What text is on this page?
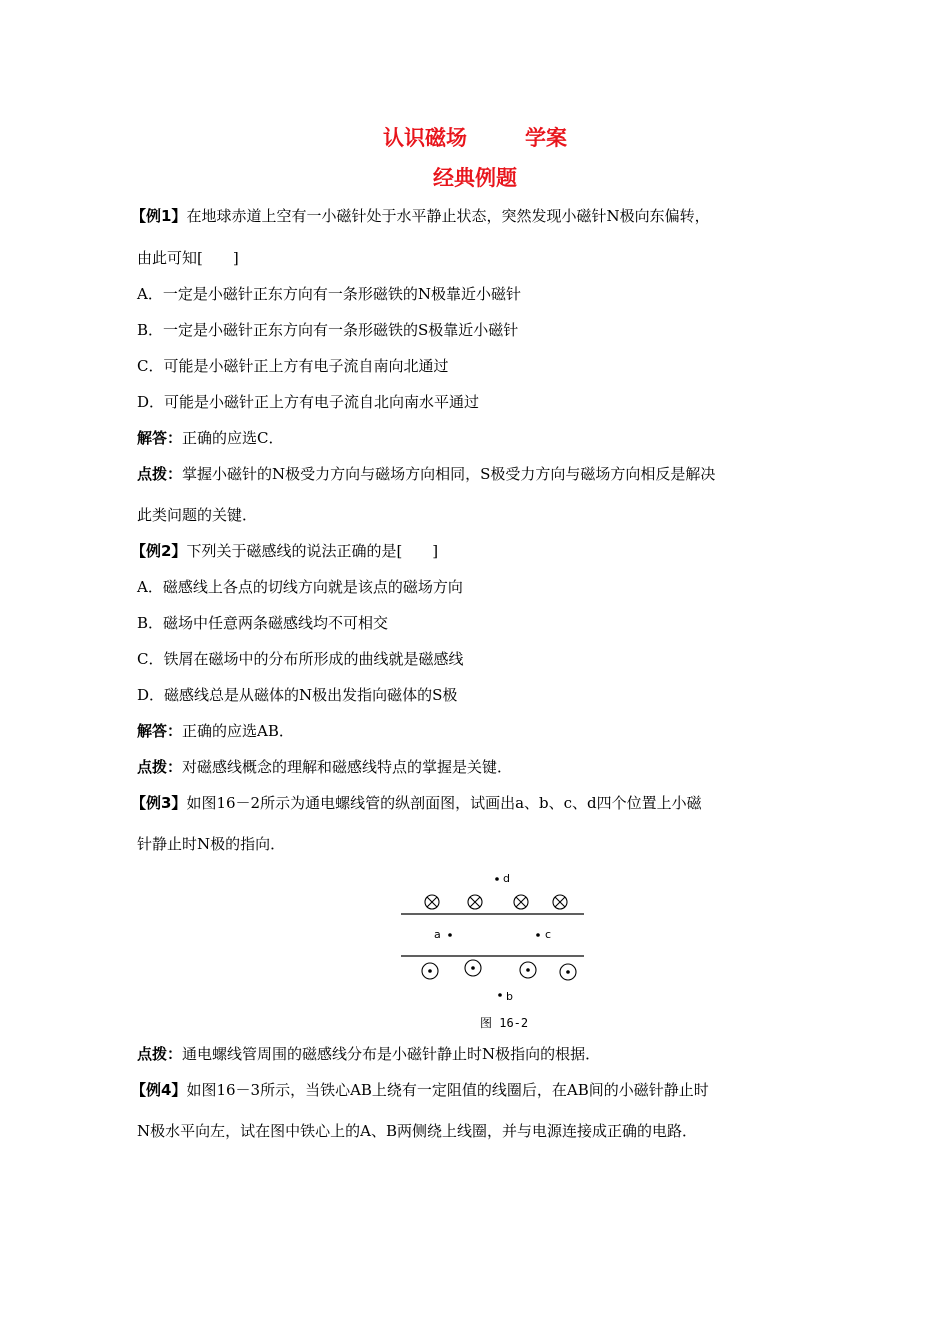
认识磁场	学案
经典例题
【例1】在地球赤道上空有一小磁针处于水平静止状态，突然发现小磁针N极向东偏转，
由此可知[　　]
A．一定是小磁针正东方向有一条形磁铁的N极靠近小磁针
B．一定是小磁针正东方向有一条形磁铁的S极靠近小磁针
C．可能是小磁针正上方有电子流自南向北通过
D．可能是小磁针正上方有电子流自北向南水平通过
解答：正确的应选C．
点拨：掌握小磁针的N极受力方向与磁场方向相同，S极受力方向与磁场方向相反是解决
此类问题的关键．
【例2】下列关于磁感线的说法正确的是[　　]
A．磁感线上各点的切线方向就是该点的磁场方向
B．磁场中任意两条磁感线均不可相交
C．铁屑在磁场中的分布所形成的曲线就是磁感线
D．磁感线总是从磁体的N极出发指向磁体的S极
解答：正确的应选AB．
点拨：对磁感线概念的理解和磁感线特点的掌握是关键．
【例3】如图16－2所示为通电螺线管的纵剖面图，试画出a、b、c、d四个位置上小磁
针静止时N极的指向．
d
a	c
b
图 16-2
点拨：通电螺线管周围的磁感线分布是小磁针静止时N极指向的根据．
【例4】如图16－3所示，当铁心AB上绕有一定阻值的线圈后，在AB间的小磁针静止时
N极水平向左，试在图中铁心上的A、B两侧绕上线圈，并与电源连接成正确的电路．
